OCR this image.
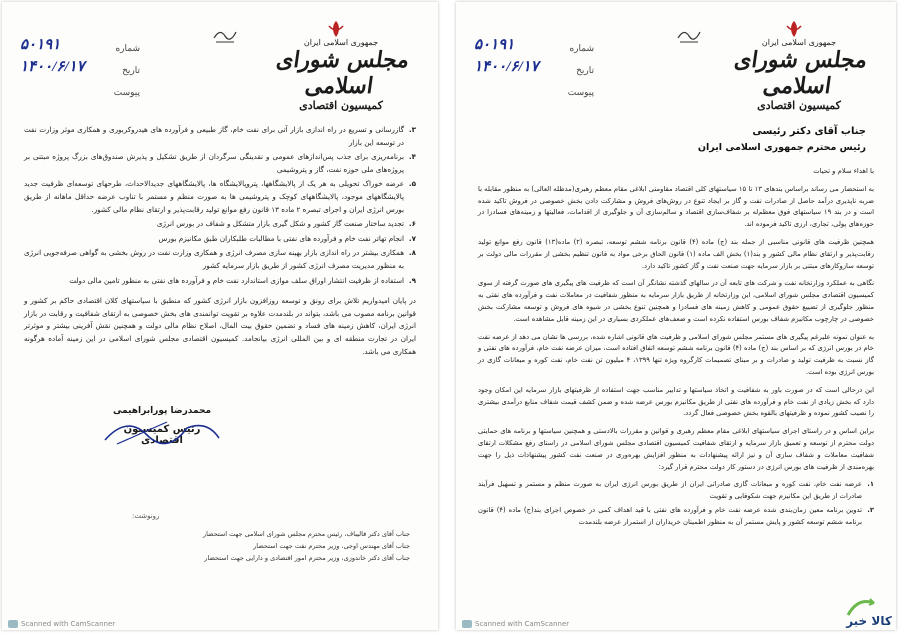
شماره
۵۰۱۹۱
تاریخ
۱۴۰۰/۶/۱۷
پیوست
جمهوری اسلامی ایران
مجلس شورای اسلامی
کمیسیون اقتصادی
۳.
گازرسانی و تسریع در راه اندازی بازار آتی برای نفت خام، گاز طبیعی و فرآورده های هیدروکربوری و همکاری موثر وزارت نفت در توسعه این بازار
۴.
برنامه‌ریزی برای جذب پس‌اندازهای عمومی و نقدینگی سرگردان از طریق تشکیل و پذیرش صندوق‌های بزرگ پروژه مبتنی بر پروژه‌های ملی حوزه نفت، گاز و پتروشیمی
۵.
عرضه خوراک تحویلی به هر یک از پالایشگاهها، پتروپالایشگاه ها، پالایشگاههای جدیدالاحداث، طرحهای توسعه‌ای ظرفیت جدید پالایشگاههای موجود، پالایشگاههای کوچک و پتروشیمی ها به صورت منظم و مستمر با تناوب عرضه حداقل ماهانه از طریق بورس انرژی ایران و اجرای تبصره ۲ ماده ۱۳ قانون رفع موانع تولید رقابت‌پذیر و ارتقای نظام مالی کشور.
۶.
تجدید ساختار صنعت گاز کشور و شکل گیری بازار متشکل و شفاف در بورس انرژی
۷.
انجام تهاتر نفت خام و فرآورده های نفتی با مطالبات طلبکاران طبق مکانیزم بورس
۸.
همکاری بیشتر در راه اندازی بازار بهینه سازی مصرف انرژی و همکاری وزارت نفت در روش بخشی به گواهی صرفه‌جویی انرژی به منظور مدیریت مصرف انرژی کشور از طریق بازار سرمایه کشور
۹.
استفاده از ظرفیت انتشار اوراق سلف موازی استاندارد نفت خام و فرآورده های نفتی به منظور تامین مالی دولت

در پایان امیدواریم تلاش برای رونق و توسعه روزافزون بازار انرژی کشور که منطبق با سیاستهای کلان اقتصادی حاکم بر کشور و قوانین برنامه مصوب می باشد، بتواند در بلندمدت علاوه بر تقویت توانمندی های بخش خصوصی به ارتقای شفافیت و رقابت در بازار انرژی ایران، کاهش زمینه های فساد و تضمین حقوق بیت المال، اصلاح نظام مالی دولت و همچنین نقش آفرینی بیشتر و موثرتر ایران در تجارت منطقه ای و بین المللی انرژی بیانجامد. کمیسیون اقتصادی مجلس شورای اسلامی در این زمینه آماده هرگونه همکاری می باشد.

محمدرضا پورابراهیمی
رئیس کمیسیون اقتصادی
رونوشت:
جناب آقای دکتر قالیباف، رئیس محترم مجلس شورای اسلامی جهت استحضار
جناب آقای مهندس اوجی، وزیر محترم نفت جهت استحضار
جناب آقای دکتر خاندوزی، وزیر محترم امور اقتصادی و دارایی جهت استحضار
Scanned with CamScanner
شماره
۵۰۱۹۱
تاریخ
۱۴۰۰/۶/۱۷
پیوست
جمهوری اسلامی ایران
مجلس شورای اسلامی
کمیسیون اقتصادی
جناب آقای دکتر رئیسی
رئیس محترم جمهوری اسلامی ایران

با اهداء سلام و تحیات

به استحضار می رساند براساس بندهای ۱۳ تا ۱۵ سیاستهای کلی اقتصاد مقاومتی ابلاغی مقام معظم رهبری(مدظله العالی) به منظور مقابله با ضربه ناپذیری درآمد حاصل از صادرات نفت و گاز بر ایجاد تنوع در روش‌های فروش و مشارکت دادن بخش خصوصی در فروش تاکید شده است و در بند ۱۹ سیاستهای فوق معظم‌له بر شفاف‌سازی اقتصاد و سالم‌سازی آن و جلوگیری از اقدامات، فعالیتها و زمینه‌های فسادزا در حوزه‌های پولی، تجاری، ارزی تاکید فرموده اند.

همچنین ظرفیت های قانونی مناسبی از جمله بند (ج) ماده (۴) قانون برنامه ششم توسعه، تبصره (۲) ماده(۱۳) قانون رفع موانع تولید رقابت‌پذیر و ارتقای نظام مالی کشور و بند(۱) بخش الف ماده (۱) قانون الحاق برخی مواد به قانون تنظیم بخشی از مقررات مالی دولت بر توسعه سازوکارهای مبتنی بر بازار سرمایه جهت صنعت نفت و گاز کشور تاکید دارد.

نگاهی به عملکرد وزارتخانه نفت و شرکت های تابعه آن در سالهای گذشته نشانگر آن است که ظرفیت های پیگیری های صورت گرفته از سوی کمیسیون اقتصادی مجلس شورای اسلامی، این وزارتخانه از طریق بازار سرمایه به منظور شفافیت در معاملات نفت و فرآورده های نفتی به منظور جلوگیری از تضییع حقوق عمومی و کاهش زمینه های فسادزا و همچنین تنوع بخشی در شیوه های فروش و توسعه مشارکت بخش خصوصی در چارچوب مکانیزم شفاف بورس استفاده نکرده است و ضعف‌های عملکردی بسیاری در این زمینه قابل مشاهده است.

به عنوان نمونه علیرغم پیگیری های مستمر مجلس شورای اسلامی و ظرفیت های قانونی اشاره شده، بررسی ها نشان می دهد از عرضه نفت خام در بورس انرژی که بر اساس بند (ج) ماده (۴) قانون برنامه ششم توسعه اتفاق افتاده است، میزان عرضه نفت خام، فرآورده های نفتی و گاز نسبت به ظرفیت تولید و صادرات و بر مبنای تصمیمات کارگروه ویژه تنها ۱۳۹۹، ۴ میلیون تن نفت خام، نفت کوره و میعانات گازی در بورس انرژی بوده است.

این درحالی است که در صورت باور به شفافیت و اتخاذ سیاستها و تدابیر مناسب جهت استفاده از ظرفیتهای بازار سرمایه این امکان وجود دارد که بخش زیادی از نفت خام و فرآورده های نفتی از طریق مکانیزم بورس عرضه شده و ضمن کشف قیمت شفاف منابع درآمدی بیشتری را نصیب کشور نموده و ظرفیتهای بالقوه بخش خصوصی فعال گردد.

براین اساس و در راستای اجرای سیاستهای ابلاغی مقام معظم رهبری و قوانین و مقررات بالادستی و همچنین سیاستها و برنامه های حمایتی دولت محترم از توسعه و تعمیق بازار سرمایه و ارتقای شفافیت کمیسیون اقتصادی مجلس شورای اسلامی در راستای رفع مشکلات ارتقای شفافیت معاملات و شفاف سازی آن و نیز ارائه پیشنهادات به منظور افزایش بهره‌وری در صنعت نفت کشور پیشنهادات ذیل را جهت بهره‌مندی از ظرفیت های بورس انرژی در دستور کار دولت محترم قرار گیرد:

۱.
عرضه نفت خام، نفت کوره و میعانات گازی صادراتی ایران از طریق بورس انرژی ایران به صورت منظم و مستمر و تسهیل فرآیند صادرات از طریق این مکانیزم جهت شکوفایی و تقویت
۲.
تدوین برنامه معین زمان‌بندی شده عرضه نفت خام و فرآورده های نفتی با قید اهداف کمی در خصوص اجرای بند(ج) ماده (۴) قانون برنامه ششم توسعه کشور و پایش مستمر آن به منظور اطمینان خریداران از استمرار عرضه بلندمدت
Scanned with CamScanner	کالا خبر
